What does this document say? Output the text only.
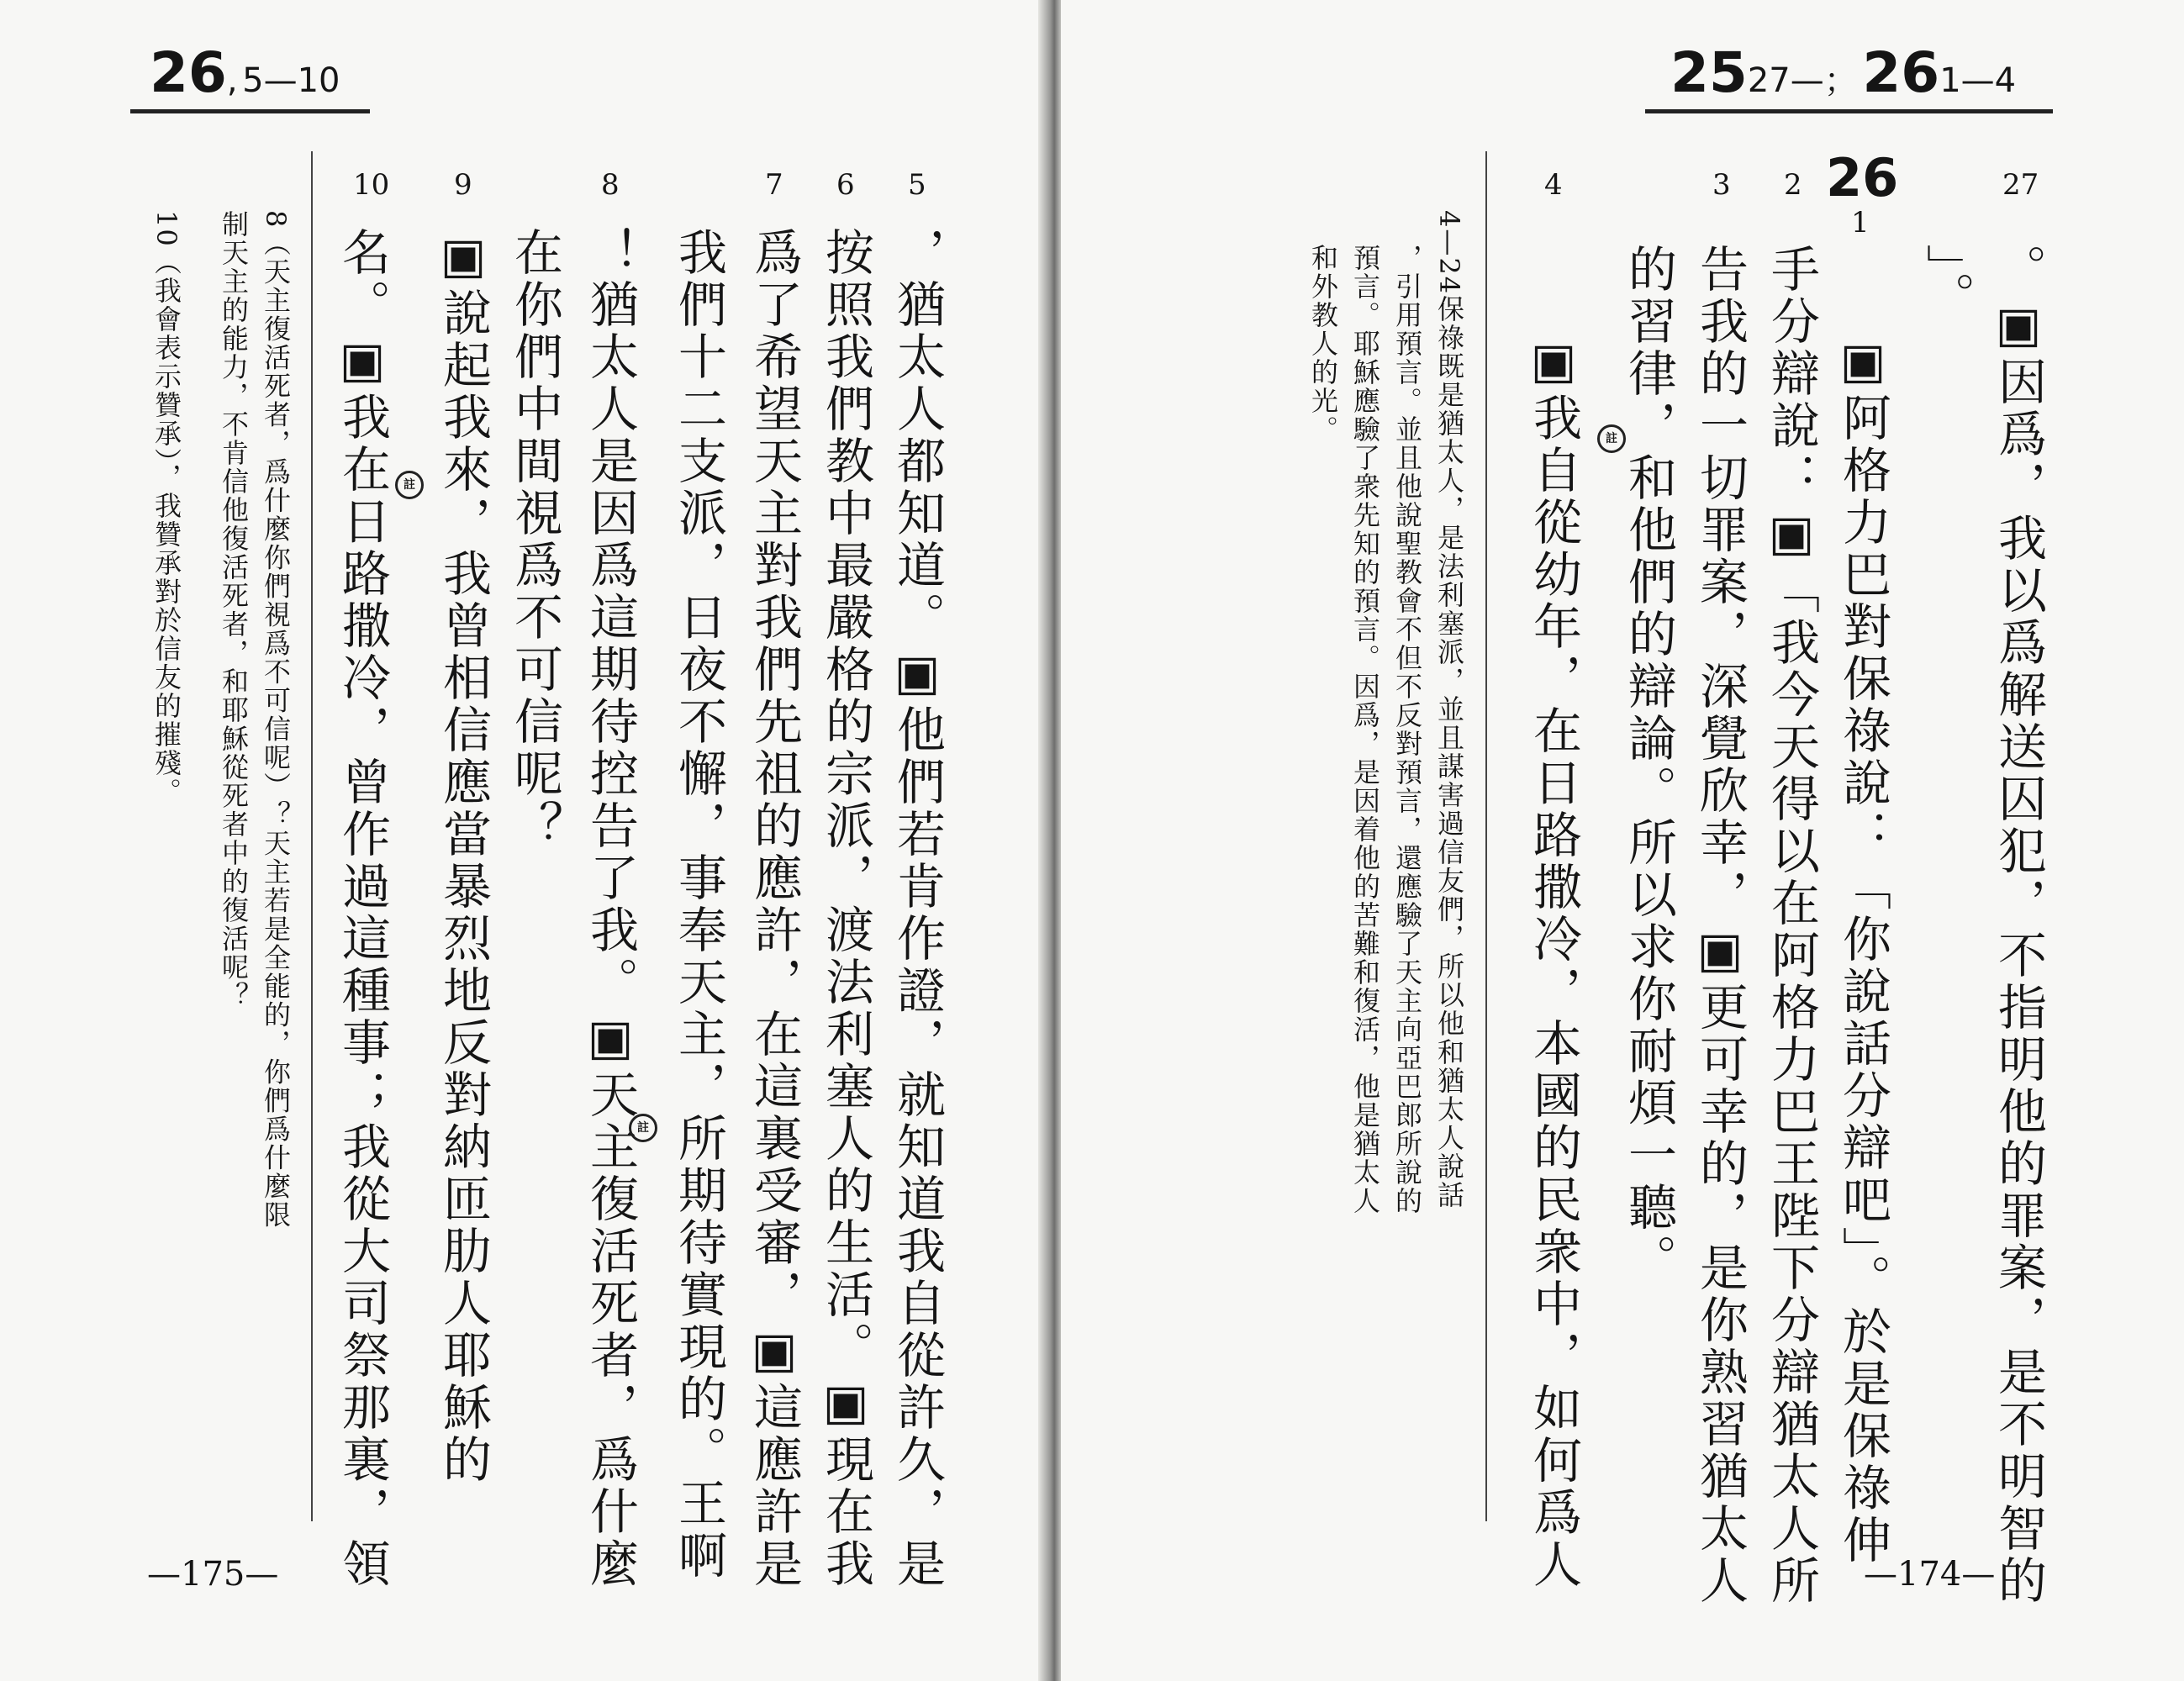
26, 5—10
5
6
7
8
9
10
，猶太人都知道。▣他們若肯作證，就知道我自從許久，是
按照我們教中最嚴格的宗派，渡法利塞人的生活。▣現在我
爲了希望天主對我們先祖的應許，在這裏受審，▣這應許是
我們十二支派，日夜不懈，事奉天主，所期待實現的。王啊
！猶太人是因爲這期待控告了我。▣天主復活死者，爲什麼
在你們中間視爲不可信呢？
▣說起我來，我曾相信應當暴烈地反對納匝肋人耶穌的
名。▣我在日路撒冷，曾作過這種事；我從大司祭那裏，領	註
註
8（天主復活死者，爲什麼你們視爲不可信呢）？天主若是全能的，你們爲什麼限
制天主的能力，不肯信他復活死者，和耶穌從死者中的復活呢？
10（我會表示贊承），我贊承對於信友的摧殘。
—175—
2527—； 261—4
27
26
1
2
3
4
。▣因爲，我以爲解送囚犯，不指明他的罪案，是不明智的
」。
▣阿格力巴對保祿說：「你說話分辯吧」。於是保祿伸
手分辯說：▣「我今天得以在阿格力巴王陛下分辯猶太人所
告我的一切罪案，深覺欣幸，▣更可幸的，是你熟習猶太人
的習律，和他們的辯論。所以求你耐煩一聽。
▣我自從幼年，在日路撒冷，本國的民衆中，如何爲人	註
4—24保祿既是猶太人，是法利塞派，並且謀害過信友們，所以他和猶太人說話
，引用預言。並且他說聖教會不但不反對預言，還應驗了天主向亞巴郎所說的
預言。耶穌應驗了衆先知的預言。因爲，是因着他的苦難和復活，他是猶太人
和外教人的光。
—174—
